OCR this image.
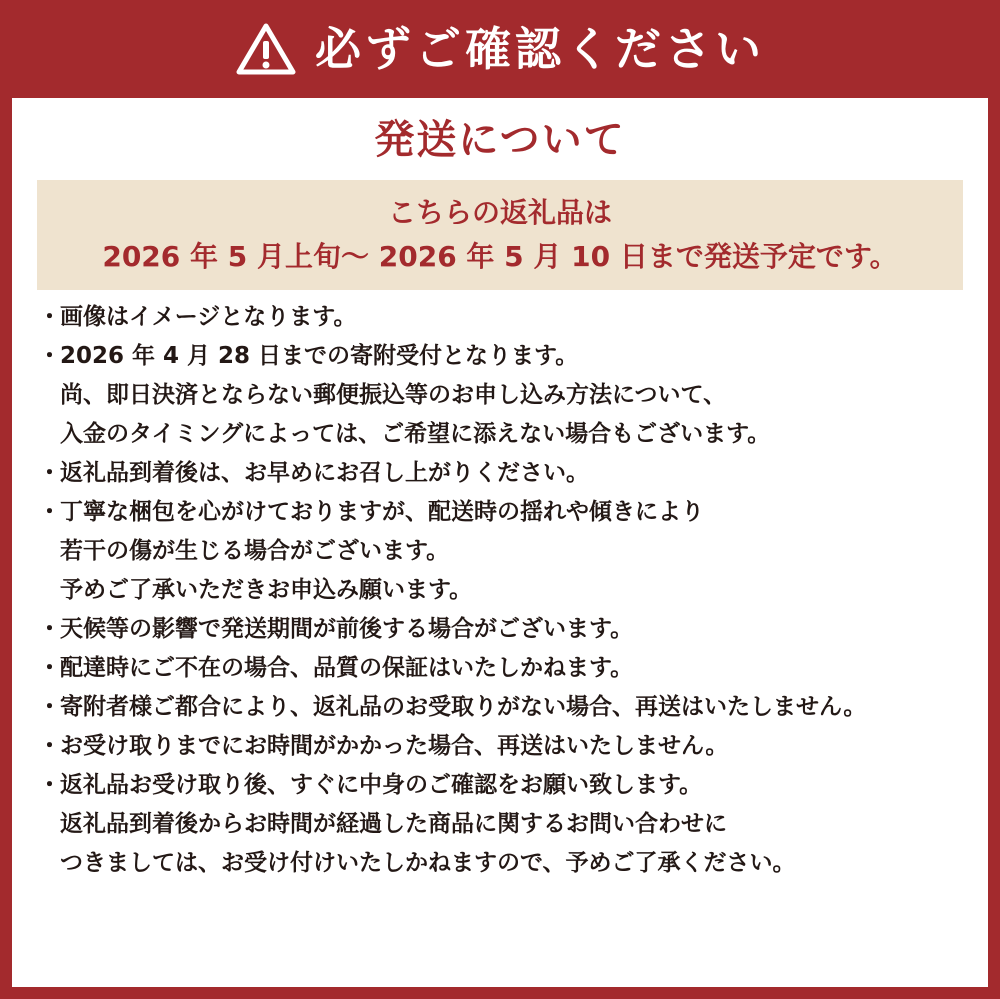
必ずご確認ください
発送について
こちらの返礼品は
2026 年 5 月上旬～ 2026 年 5 月 10 日まで発送予定です。
・ 画像はイメージとなります。
・ 2026 年 4 月 28 日までの寄附受付となります。
尚、即日決済とならない郵便振込等のお申し込み方法について、
入金のタイミングによっては、ご希望に添えない場合もございます。
・ 返礼品到着後は、お早めにお召し上がりください。
・ 丁寧な梱包を心がけておりますが、配送時の揺れや傾きにより
若干の傷が生じる場合がございます。
予めご了承いただきお申込み願います。
・ 天候等の影響で発送期間が前後する場合がございます。
・ 配達時にご不在の場合、品質の保証はいたしかねます。
・ 寄附者様ご都合により、返礼品のお受取りがない場合、再送はいたしません。
・ お受け取りまでにお時間がかかった場合、再送はいたしません。
・ 返礼品お受け取り後、すぐに中身のご確認をお願い致します。
返礼品到着後からお時間が経過した商品に関するお問い合わせに
つきましては、お受け付けいたしかねますので、予めご了承ください。
